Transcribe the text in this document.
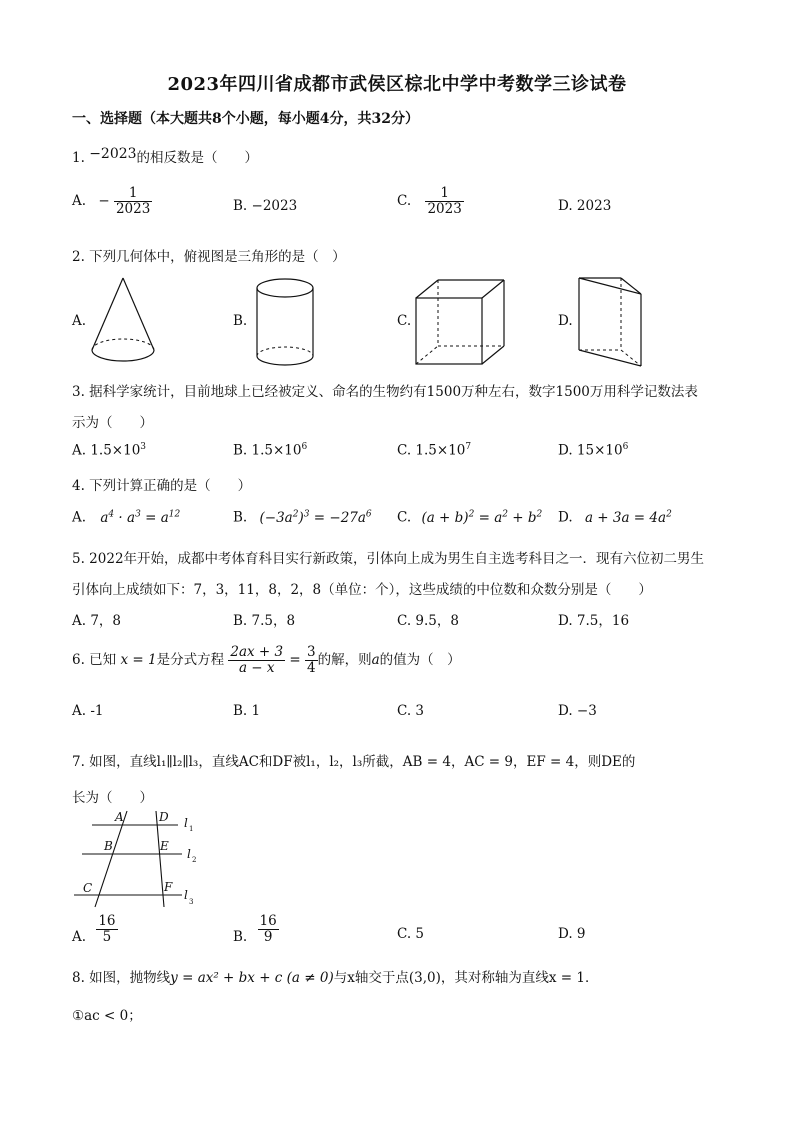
2023年四川省成都市武侯区棕北中学中考数学三诊试卷
一、选择题（本大题共8个小题，每小题4分，共32分）
1. −2023的相反数是（　　）
A. − $\frac{1}{2023}$	B. −2023	C. $\frac{1}{2023}$	D. 2023
2. 下列几何体中，俯视图是三角形的是（　）
A.	B.	C.	D.
3. 据科学家统计，目前地球上已经被定义、命名的生物约有1500万种左右，数字1500万用科学记数法表
示为（　　）
A. $1.5\times 10^3$	B. $1.5\times 10^6$	C. $1.5\times 10^7$	D. $15\times 10^6$
4. 下列计算正确的是（　　）
A. $a^4 \cdot a^3 = a^{12}$	B. $(-3a^2)^3 = -27a^6$ C. $(a + b)^2 = a^2 + b^2$ D. $a + 3a = 4a^2$
5. 2022年开始，成都中考体育科目实行新政策，引体向上成为男生自主选考科目之一．现有六位初二男生
引体向上成绩如下：7，3，11，8，2，8（单位：个），这些成绩的中位数和众数分别是（　　）
A. 7，8	B. 7.5，8	C. 9.5，8	D. 7.5，16
6. 已知 x = 1是分式方程 $\frac{2ax + 3}{a - x} = \frac{3}{4}$ 的解，则a的值为（　）
A. -1	B. 1	C. 3	D. −3
7. 如图，直线l₁∥l₂∥l₃，直线AC和DF被l₁，l₂，l₃所截，AB = 4，AC = 9，EF = 4，则DE的
长为（　　）
A
B
C
D
E
F
l
l
l
1
2
3
A. $\frac{16}{5}$	B. $\frac{16}{9}$	C. 5	D. 9
8. 如图，抛物线y = ax² + bx + c (a ≠ 0)与x轴交于点(3,0)，其对称轴为直线x = 1．
①ac < 0；
